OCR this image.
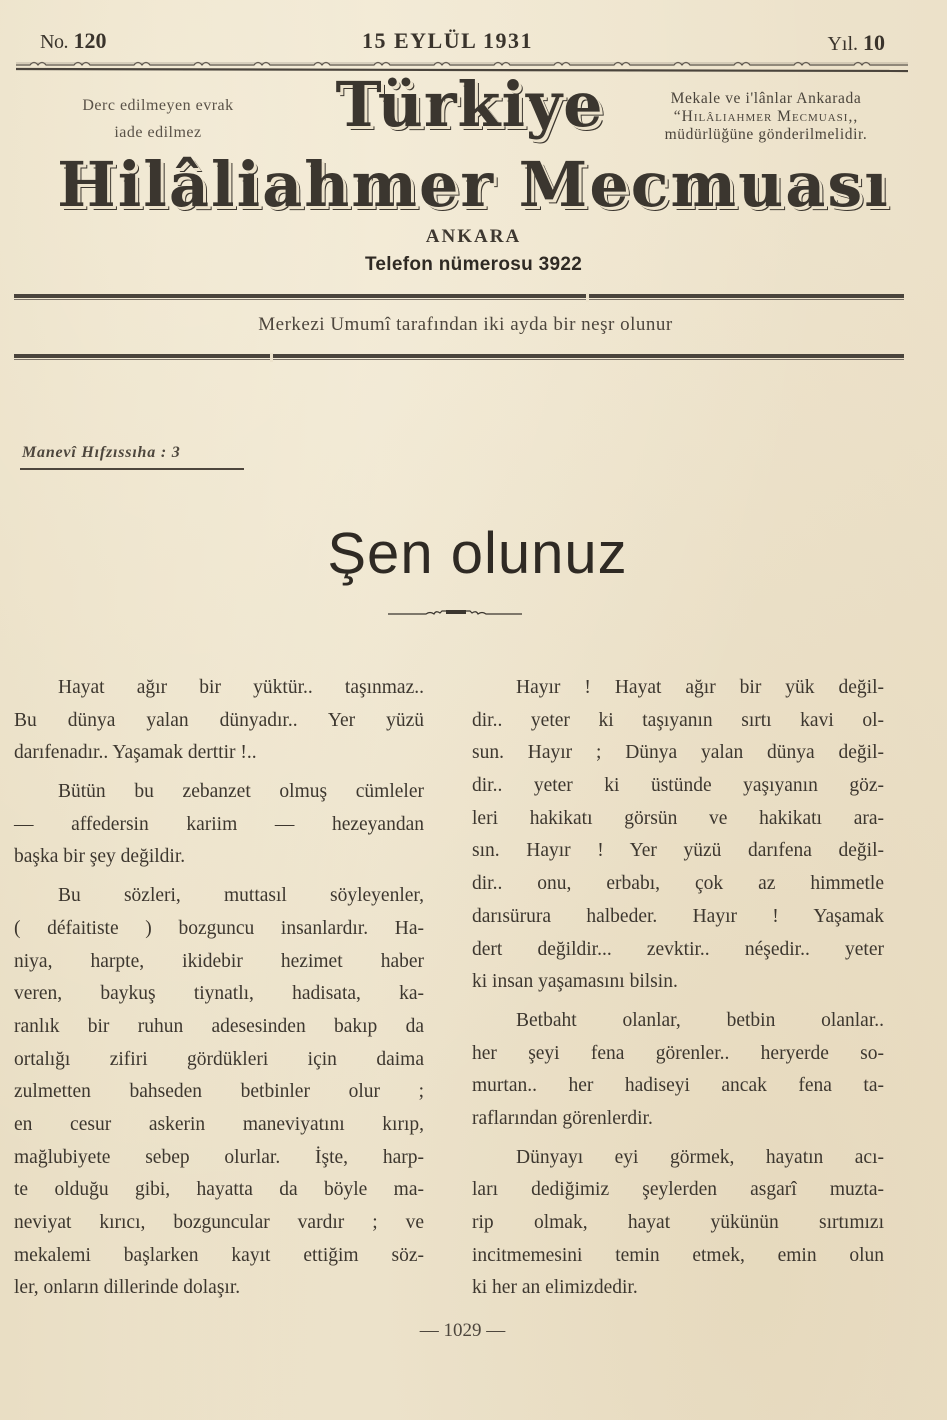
No. 120	15 EYLÜL 1931	Yıl. 10
Derc edilmeyen evrak
iade edilmez
Mekale ve i'lânlar Ankarada
“Hilâliahmer Mecmuası,,
müdürlüğüne gönderilmelidir.
Türkiye
Hilâliahmer Mecmuası
ANKARA
Telefon nümerosu 3922
Merkezi Umumî tarafından iki ayda bir neşr olunur
Manevî Hıfzıssıha : 3
Şen olunuz
Hayat ağır bir yüktür.. taşınmaz..
Bu dünya yalan dünyadır.. Yer yüzü
darıfenadır.. Yaşamak derttir !..
Bütün bu zebanzet olmuş cümleler
— affedersin kariim — hezeyandan
başka bir şey değildir.
Bu sözleri, muttasıl söyleyenler,
( défaitiste ) bozguncu insanlardır. Ha-
niya, harpte, ikidebir hezimet haber
veren, baykuş tiynatlı, hadisata, ka-
ranlık bir ruhun adesesinden bakıp da
ortalığı zifiri gördükleri için daima
zulmetten bahseden betbinler olur ;
en cesur askerin maneviyatını kırıp,
mağlubiyete sebep olurlar. İşte, harp-
te olduğu gibi, hayatta da böyle ma-
neviyat kırıcı, bozguncular vardır ; ve
mekalemi başlarken kayıt ettiğim söz-
ler, onların dillerinde dolaşır.
Hayır ! Hayat ağır bir yük değil-
dir.. yeter ki taşıyanın sırtı kavi ol-
sun. Hayır ; Dünya yalan dünya değil-
dir.. yeter ki üstünde yaşıyanın göz-
leri hakikatı görsün ve hakikatı ara-
sın. Hayır ! Yer yüzü darıfena değil-
dir.. onu, erbabı, çok az himmetle
darısürura halbeder. Hayır ! Yaşamak
dert değildir... zevktir.. néşedir.. yeter
ki insan yaşamasını bilsin.
Betbaht olanlar, betbin olanlar..
her şeyi fena görenler.. heryerde so-
murtan.. her hadiseyi ancak fena ta-
raflarından görenlerdir.
Dünyayı eyi görmek, hayatın acı-
ları dediğimiz şeylerden asgarî muzta-
rip olmak, hayat yükünün sırtımızı
incitmemesini temin etmek, emin olun
ki her an elimizdedir.
— 1029 —
